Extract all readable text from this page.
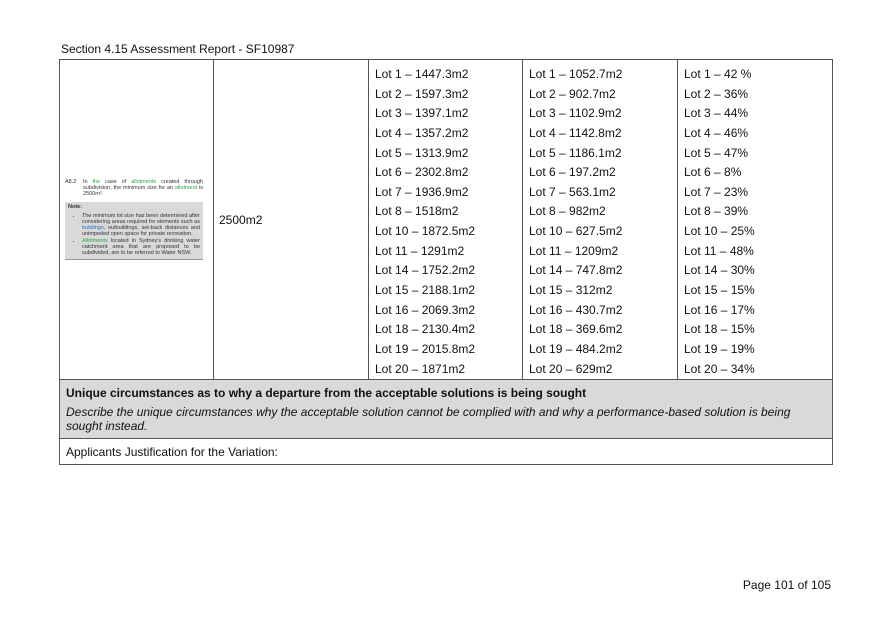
Section 4.15 Assessment Report - SF10987
A8.2	In the case of allotments created through subdivision, the minimum size for an allotment is 2500m².
Note:
• The minimum lot size has been determined after considering areas required for elements such as buildings, outbuildings, set-back distances and unimpeded open space for private recreation.
• Allotments located in Sydney's drinking water catchment area that are proposed to be subdivided, are to be referred to Water NSW.
	2500m2	
Lot 1 – 1447.3m2
Lot 2 – 1597.3m2
Lot 3 – 1397.1m2
Lot 4 – 1357.2m2
Lot 5 – 1313.9m2
Lot 6 – 2302.8m2
Lot 7 – 1936.9m2
Lot 8 – 1518m2
Lot 10 – 1872.5m2
Lot 11 – 1291m2
Lot 14 – 1752.2m2
Lot 15 – 2188.1m2
Lot 16 – 2069.3m2
Lot 18 – 2130.4m2
Lot 19 – 2015.8m2
Lot 20 – 1871m2

Lot 1 – 1052.7m2
Lot 2 – 902.7m2
Lot 3 – 1102.9m2
Lot 4 – 1142.8m2
Lot 5 – 1186.1m2
Lot 6 – 197.2m2
Lot 7 – 563.1m2
Lot 8 – 982m2
Lot 10 – 627.5m2
Lot 11 – 1209m2
Lot 14 – 747.8m2
Lot 15 – 312m2
Lot 16 – 430.7m2
Lot 18 – 369.6m2
Lot 19 – 484.2m2
Lot 20 – 629m2

Lot 1 – 42 %
Lot 2 – 36%
Lot 3 – 44%
Lot 4 – 46%
Lot 5 – 47%
Lot 6 – 8%
Lot 7 – 23%
Lot 8 – 39%
Lot 10 – 25%
Lot 11 – 48%
Lot 14 – 30%
Lot 15 – 15%
Lot 16 – 17%
Lot 18 – 15%
Lot 19 – 19%
Lot 20 – 34%

Unique circumstances as to why a departure from the acceptable solutions is being sought
Describe the unique circumstances why the acceptable solution cannot be complied with and why a performance-based solution is being sought instead.

Applicants Justification for the Variation:
Page 101 of 105
